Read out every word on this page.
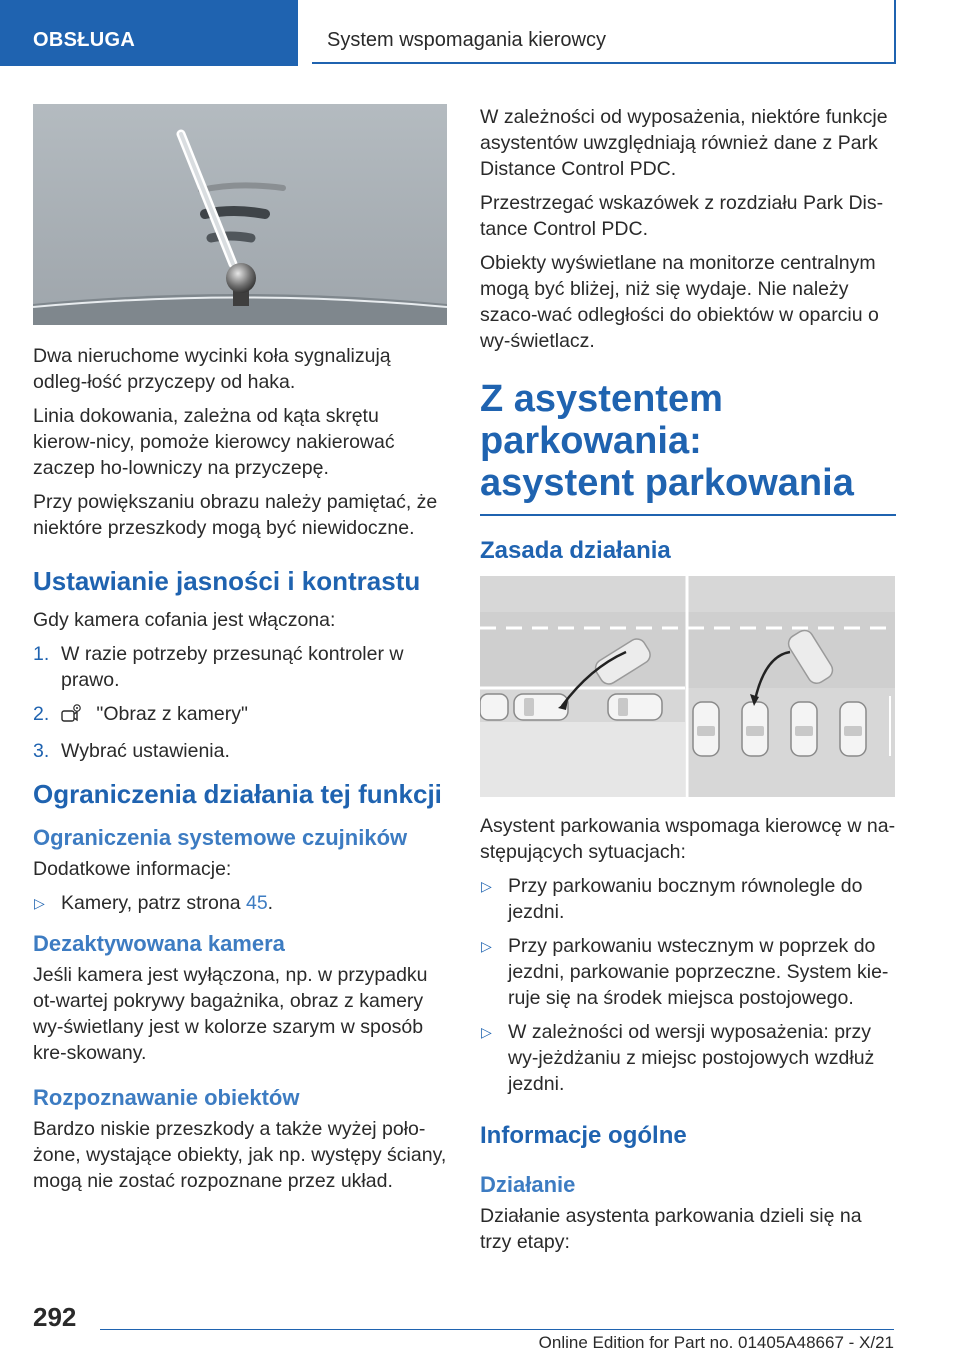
OBSŁUGA	System wspomagania kierowcy

Dwa nieruchome wycinki koła sygnalizują odleg-łość przyczepy od haka.

Linia dokowania, zależna od kąta skrętu kierow-nicy, pomoże kierowcy nakierować zaczep ho-lowniczy na przyczepę.

Przy powiększaniu obrazu należy pamiętać, że niektóre przeszkody mogą być niewidoczne.

Ustawianie jasności i kontrastu

Gdy kamera cofania jest włączona:

1. W razie potrzeby przesunąć kontroler w prawo.
2. "Obraz z kamery"
3. Wybrać ustawienia.
Ograniczenia działania tej funkcji
Ograniczenia systemowe czujników

Dodatkowe informacje:

▷ Kamery, patrz strona 45.
Dezaktywowana kamera

Jeśli kamera jest wyłączona, np. w przypadku ot-wartej pokrywy bagażnika, obraz z kamery wy-świetlany jest w kolorze szarym w sposób kre-skowany.

Rozpoznawanie obiektów

Bardzo niskie przeszkody a także wyżej poło-żone, wystające obiekty, jak np. występy ściany, mogą nie zostać rozpoznane przez układ.

W zależności od wyposażenia, niektóre funkcje asystentów uwzględniają również dane z Park Distance Control PDC.

Przestrzegać wskazówek z rozdziału Park Dis-tance Control PDC.

Obiekty wyświetlane na monitorze centralnym mogą być bliżej, niż się wydaje. Nie należy szaco-wać odległości do obiektów w oparciu o wy-świetlacz.

Z asystentem parkowania:
asystent parkowania
Zasada działania

Asystent parkowania wspomaga kierowcę w na-stępujących sytuacjach:

▷ Przy parkowaniu bocznym równolegle do jezdni.
▷ Przy parkowaniu wstecznym w poprzek do jezdni, parkowanie poprzeczne. System kie-ruje się na środek miejsca postojowego.
▷ W zależności od wersji wyposażenia: przy wy-jeżdżaniu z miejsc postojowych wzdłuż jezdni.
Informacje ogólne
Działanie

Działanie asystenta parkowania dzieli się na trzy etapy:

292
Online Edition for Part no. 01405A48667 - X/21
